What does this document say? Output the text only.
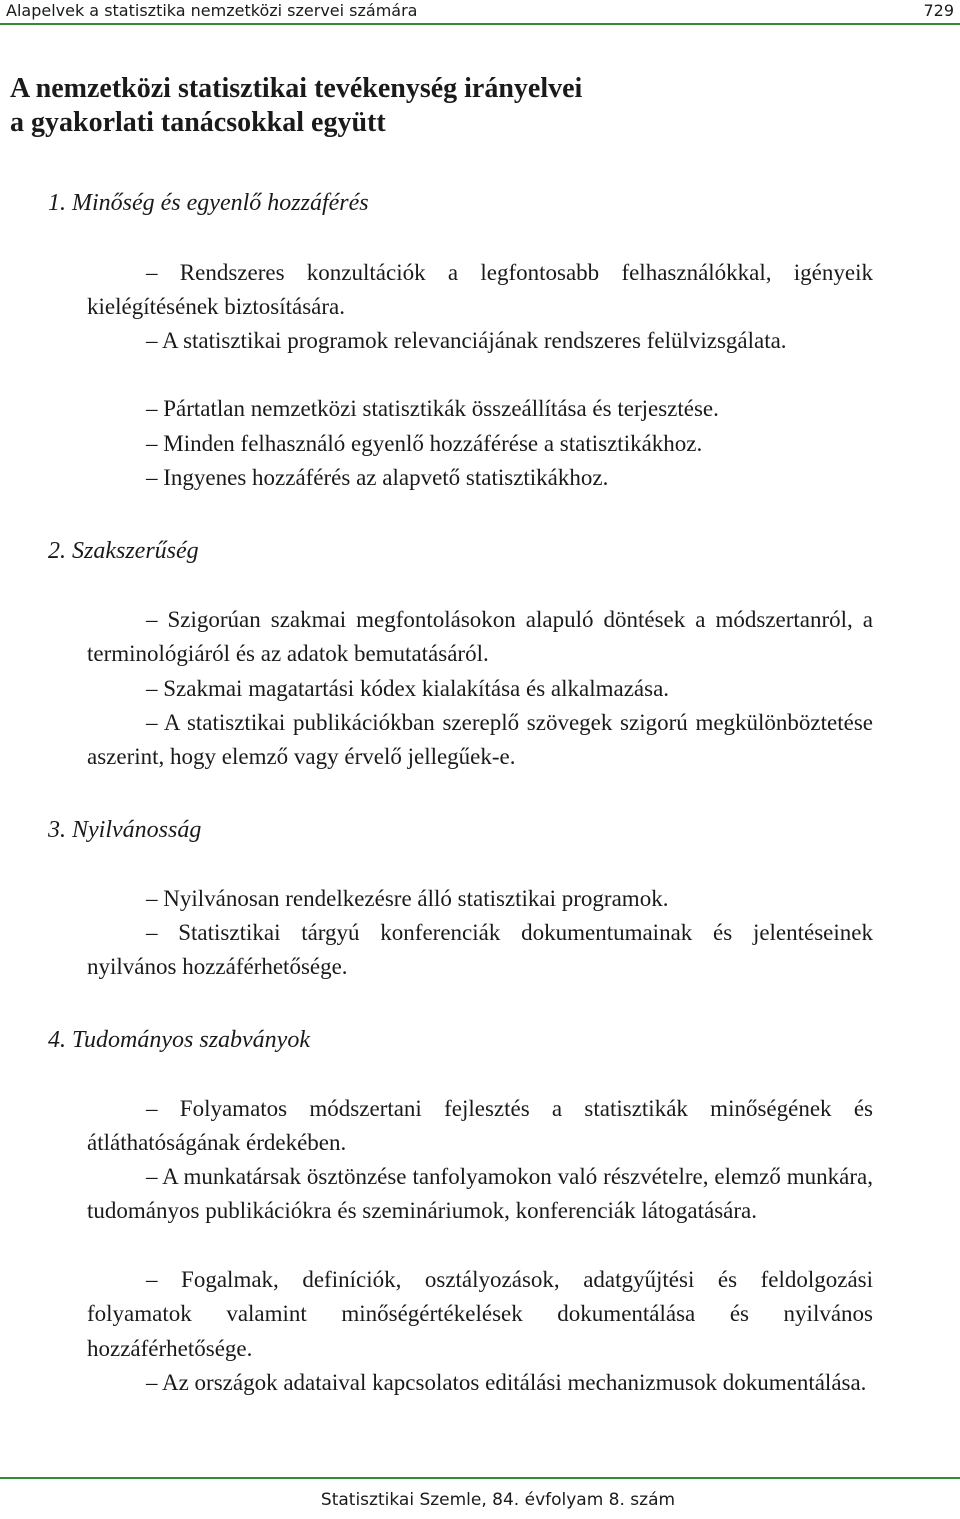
Alapelvek a statisztika nemzetközi szervei számára	729
A nemzetközi statisztikai tevékenység irányelvei
a gyakorlati tanácsokkal együtt
1. Minőség és egyenlő hozzáférés
– Rendszeres konzultációk a legfontosabb felhasználókkal, igényeik kielégítésének biztosítására.
– A statisztikai programok relevanciájának rendszeres felülvizsgálata.
– Pártatlan nemzetközi statisztikák összeállítása és terjesztése.
– Minden felhasználó egyenlő hozzáférése a statisztikákhoz.
– Ingyenes hozzáférés az alapvető statisztikákhoz.
2. Szakszerűség
– Szigorúan szakmai megfontolásokon alapuló döntések a módszertanról, a terminológiáról és az adatok bemutatásáról.
– Szakmai magatartási kódex kialakítása és alkalmazása.
– A statisztikai publikációkban szereplő szövegek szigorú megkülönböztetése aszerint, hogy elemző vagy érvelő jellegűek-e.
3. Nyilvánosság
– Nyilvánosan rendelkezésre álló statisztikai programok.
– Statisztikai tárgyú konferenciák dokumentumainak és jelentéseinek nyilvános hozzáférhetősége.
4. Tudományos szabványok
– Folyamatos módszertani fejlesztés a statisztikák minőségének és átláthatóságának érdekében.
– A munkatársak ösztönzése tanfolyamokon való részvételre, elemző munkára, tudományos publikációkra és szemináriumok, konferenciák látogatására.
– Fogalmak, definíciók, osztályozások, adatgyűjtési és feldolgozási folyamatok valamint minőségértékelések dokumentálása és nyilvános hozzáférhetősége.
– Az országok adataival kapcsolatos editálási mechanizmusok dokumentálása.
Statisztikai Szemle, 84. évfolyam 8. szám
